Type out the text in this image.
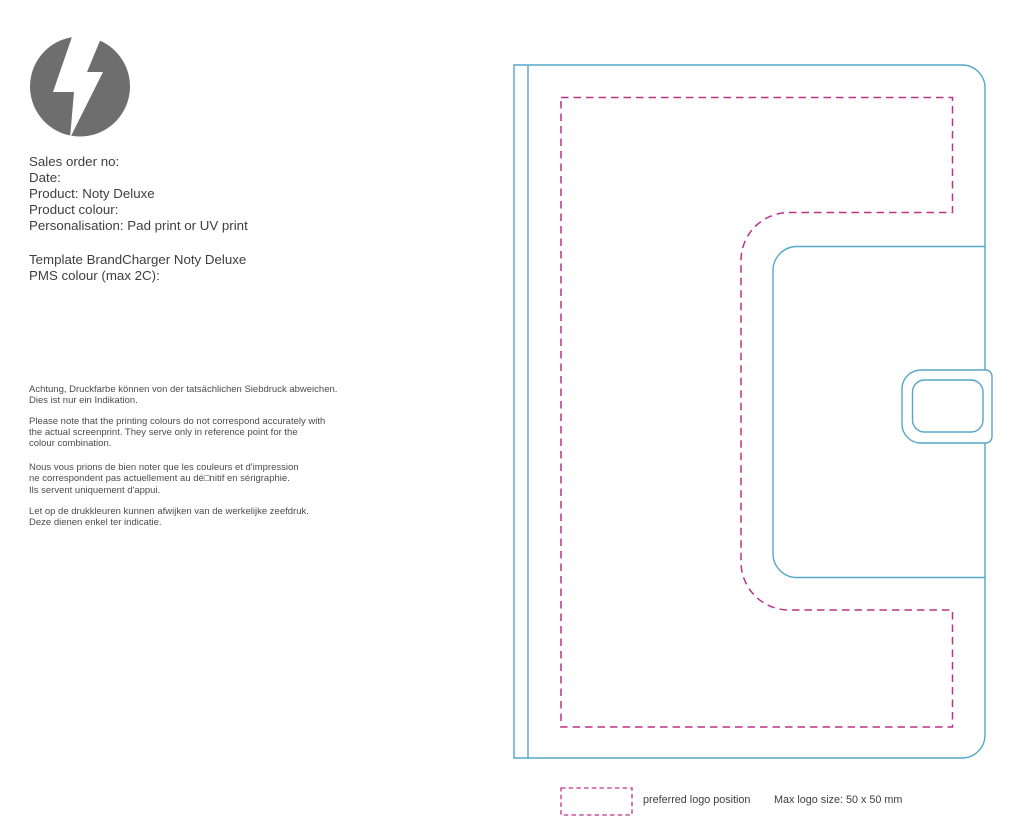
Sales order no:
Date:
Product: Noty Deluxe
Product colour:
Personalisation: Pad print or UV print
Template BrandCharger Noty Deluxe
PMS colour (max 2C):
Achtung, Druckfarbe können von der tatsächlichen Siebdruck abweichen.
Dies ist nur ein Indikation.
Please note that the printing colours do not correspond accurately with
the actual screenprint. They serve only in reference point for the
colour combination.
Nous vous prions de bien noter que les couleurs et d'impression
ne correspondent pas actuellement au dé□nitif en sérigraphie.
Ils servent uniquement d'appui.
Let op de drukkleuren kunnen afwijken van de werkelijke zeefdruk.
Deze dienen enkel ter indicatie.
preferred logo position Max logo size: 50 x 50 mm
